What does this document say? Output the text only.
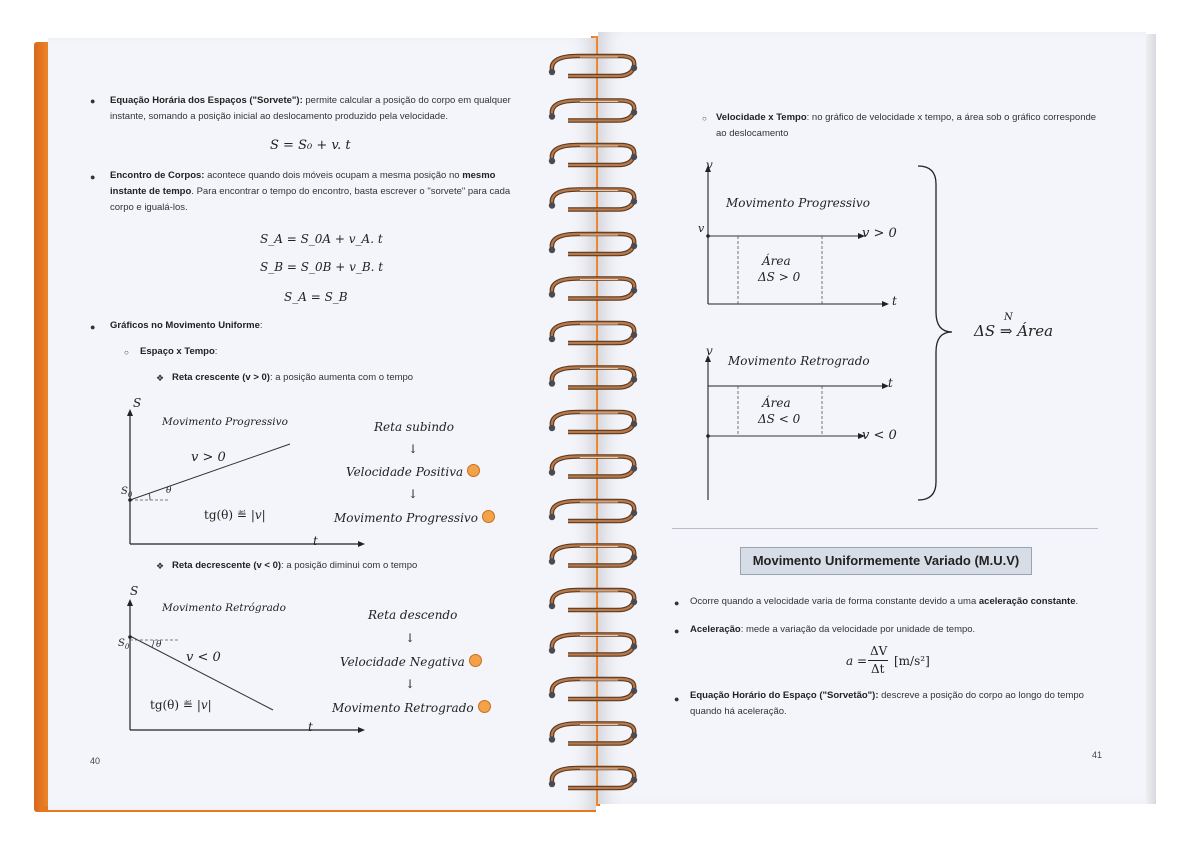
● Equação Horária dos Espaços ("Sorvete"): permite calcular a posição do corpo em qualquer
instante, somando a posição inicial ao deslocamento produzido pela velocidade.
S = S₀ + v. t
● Encontro de Corpos: acontece quando dois móveis ocupam a mesma posição no mesmo
instante de tempo. Para encontrar o tempo do encontro, basta escrever o "sorvete" para cada
corpo e igualá-los.
S_A = S_0A + v_A. t
S_B = S_0B + v_B. t
S_A = S_B
● Gráficos no Movimento Uniforme:
○ Espaço x Tempo:
❖ Reta crescente (v > 0): a posição aumenta com o tempo
S
t
$S_0$
Movimento Progressivo
v > 0
θ
tg(θ) ≝ |v|
Reta subindo
↓
Velocidade Positiva
↓
Movimento Progressivo
❖ Reta decrescente (v < 0): a posição diminui com o tempo
S
t
$S_0$
Movimento Retrógrado
v < 0
θ
tg(θ) ≝ |v|
Reta descendo
↓
Velocidade Negativa
↓
Movimento Retrogrado
40
○ Velocidade x Tempo: no gráfico de velocidade x tempo, a área sob o gráfico corresponde
ao deslocamento
v
v
t
Movimento Progressivo
v > 0
Área
ΔS > 0
v
t
Movimento Retrogrado
v < 0
Área
ΔS < 0
N
ΔS ⇒ Área
Movimento Uniformemente Variado (M.U.V)
● Ocorre quando a velocidade varia de forma constante devido a uma aceleração constante.
● Aceleração: mede a variação da velocidade por unidade de tempo.
a =
ΔV
Δt
[m/s²]
● Equação Horário do Espaço ("Sorvetão"): descreve a posição do corpo ao longo do tempo
quando há aceleração.
41
